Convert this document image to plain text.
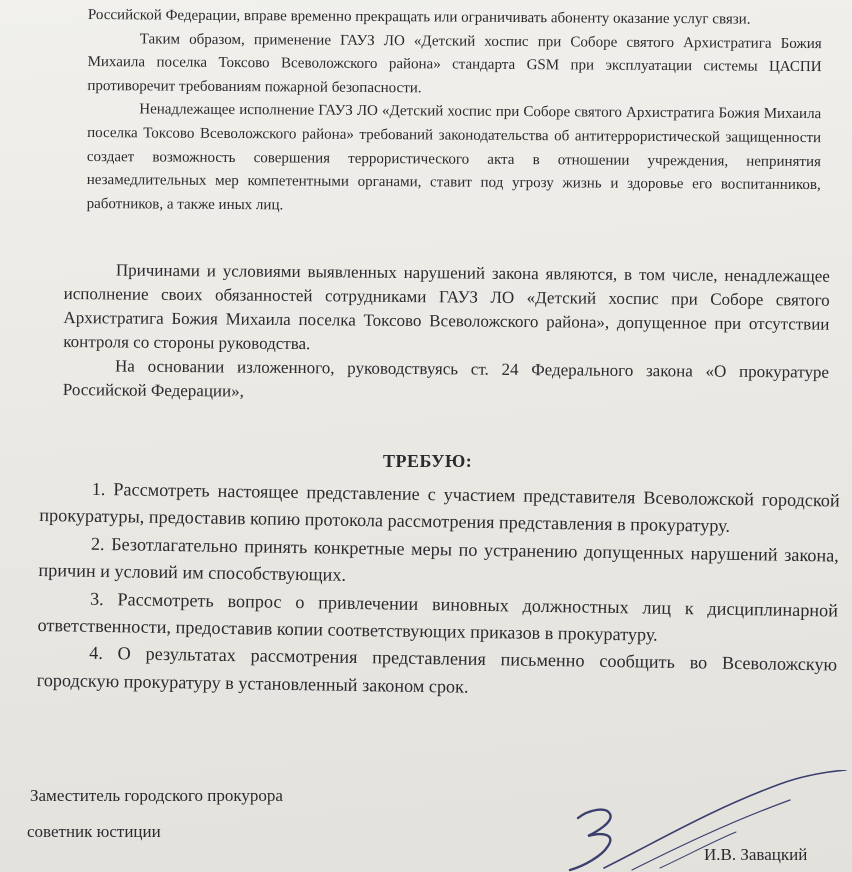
Российской Федерации, вправе временно прекращать или ограничивать абоненту оказание услуг связи.

Таким образом, применение ГАУЗ ЛО «Детский хоспис при Соборе святого Архистратига Божия Михаила поселка Токсово Всеволожского района» стандарта GSM при эксплуатации системы ЦАСПИ противоречит требованиям пожарной безопасности.

Ненадлежащее исполнение ГАУЗ ЛО «Детский хоспис при Соборе святого Архистратига Божия Михаила поселка Токсово Всеволожского района» требований законодательства об антитеррористической защищенности создает возможность совершения террористического акта в отношении учреждения, непринятия незамедлительных мер компетентными органами, ставит под угрозу жизнь и здоровье его воспитанников, работников, а также иных лиц.

Причинами и условиями выявленных нарушений закона являются, в том числе, ненадлежащее исполнение своих обязанностей сотрудниками ГАУЗ ЛО «Детский хоспис при Соборе святого Архистратига Божия Михаила поселка Токсово Всеволожского района», допущенное при отсутствии контроля со стороны руководства.

На основании изложенного, руководствуясь ст. 24 Федерального закона «О прокуратуре Российской Федерации»,

ТРЕБУЮ:

1. Рассмотреть настоящее представление с участием представителя Всеволожской городской прокуратуры, предоставив копию протокола рассмотрения представления в прокуратуру.

2. Безотлагательно принять конкретные меры по устранению допущенных нарушений закона, причин и условий им способствующих.

3. Рассмотреть вопрос о привлечении виновных должностных лиц к дисциплинарной ответственности, предоставив копии соответствующих приказов в прокуратуру.

4. О результатах рассмотрения представления письменно сообщить во Всеволожскую городскую прокуратуру в установленный законом срок.

Заместитель городского прокурора
советник юстиции
И.В. Завацкий
